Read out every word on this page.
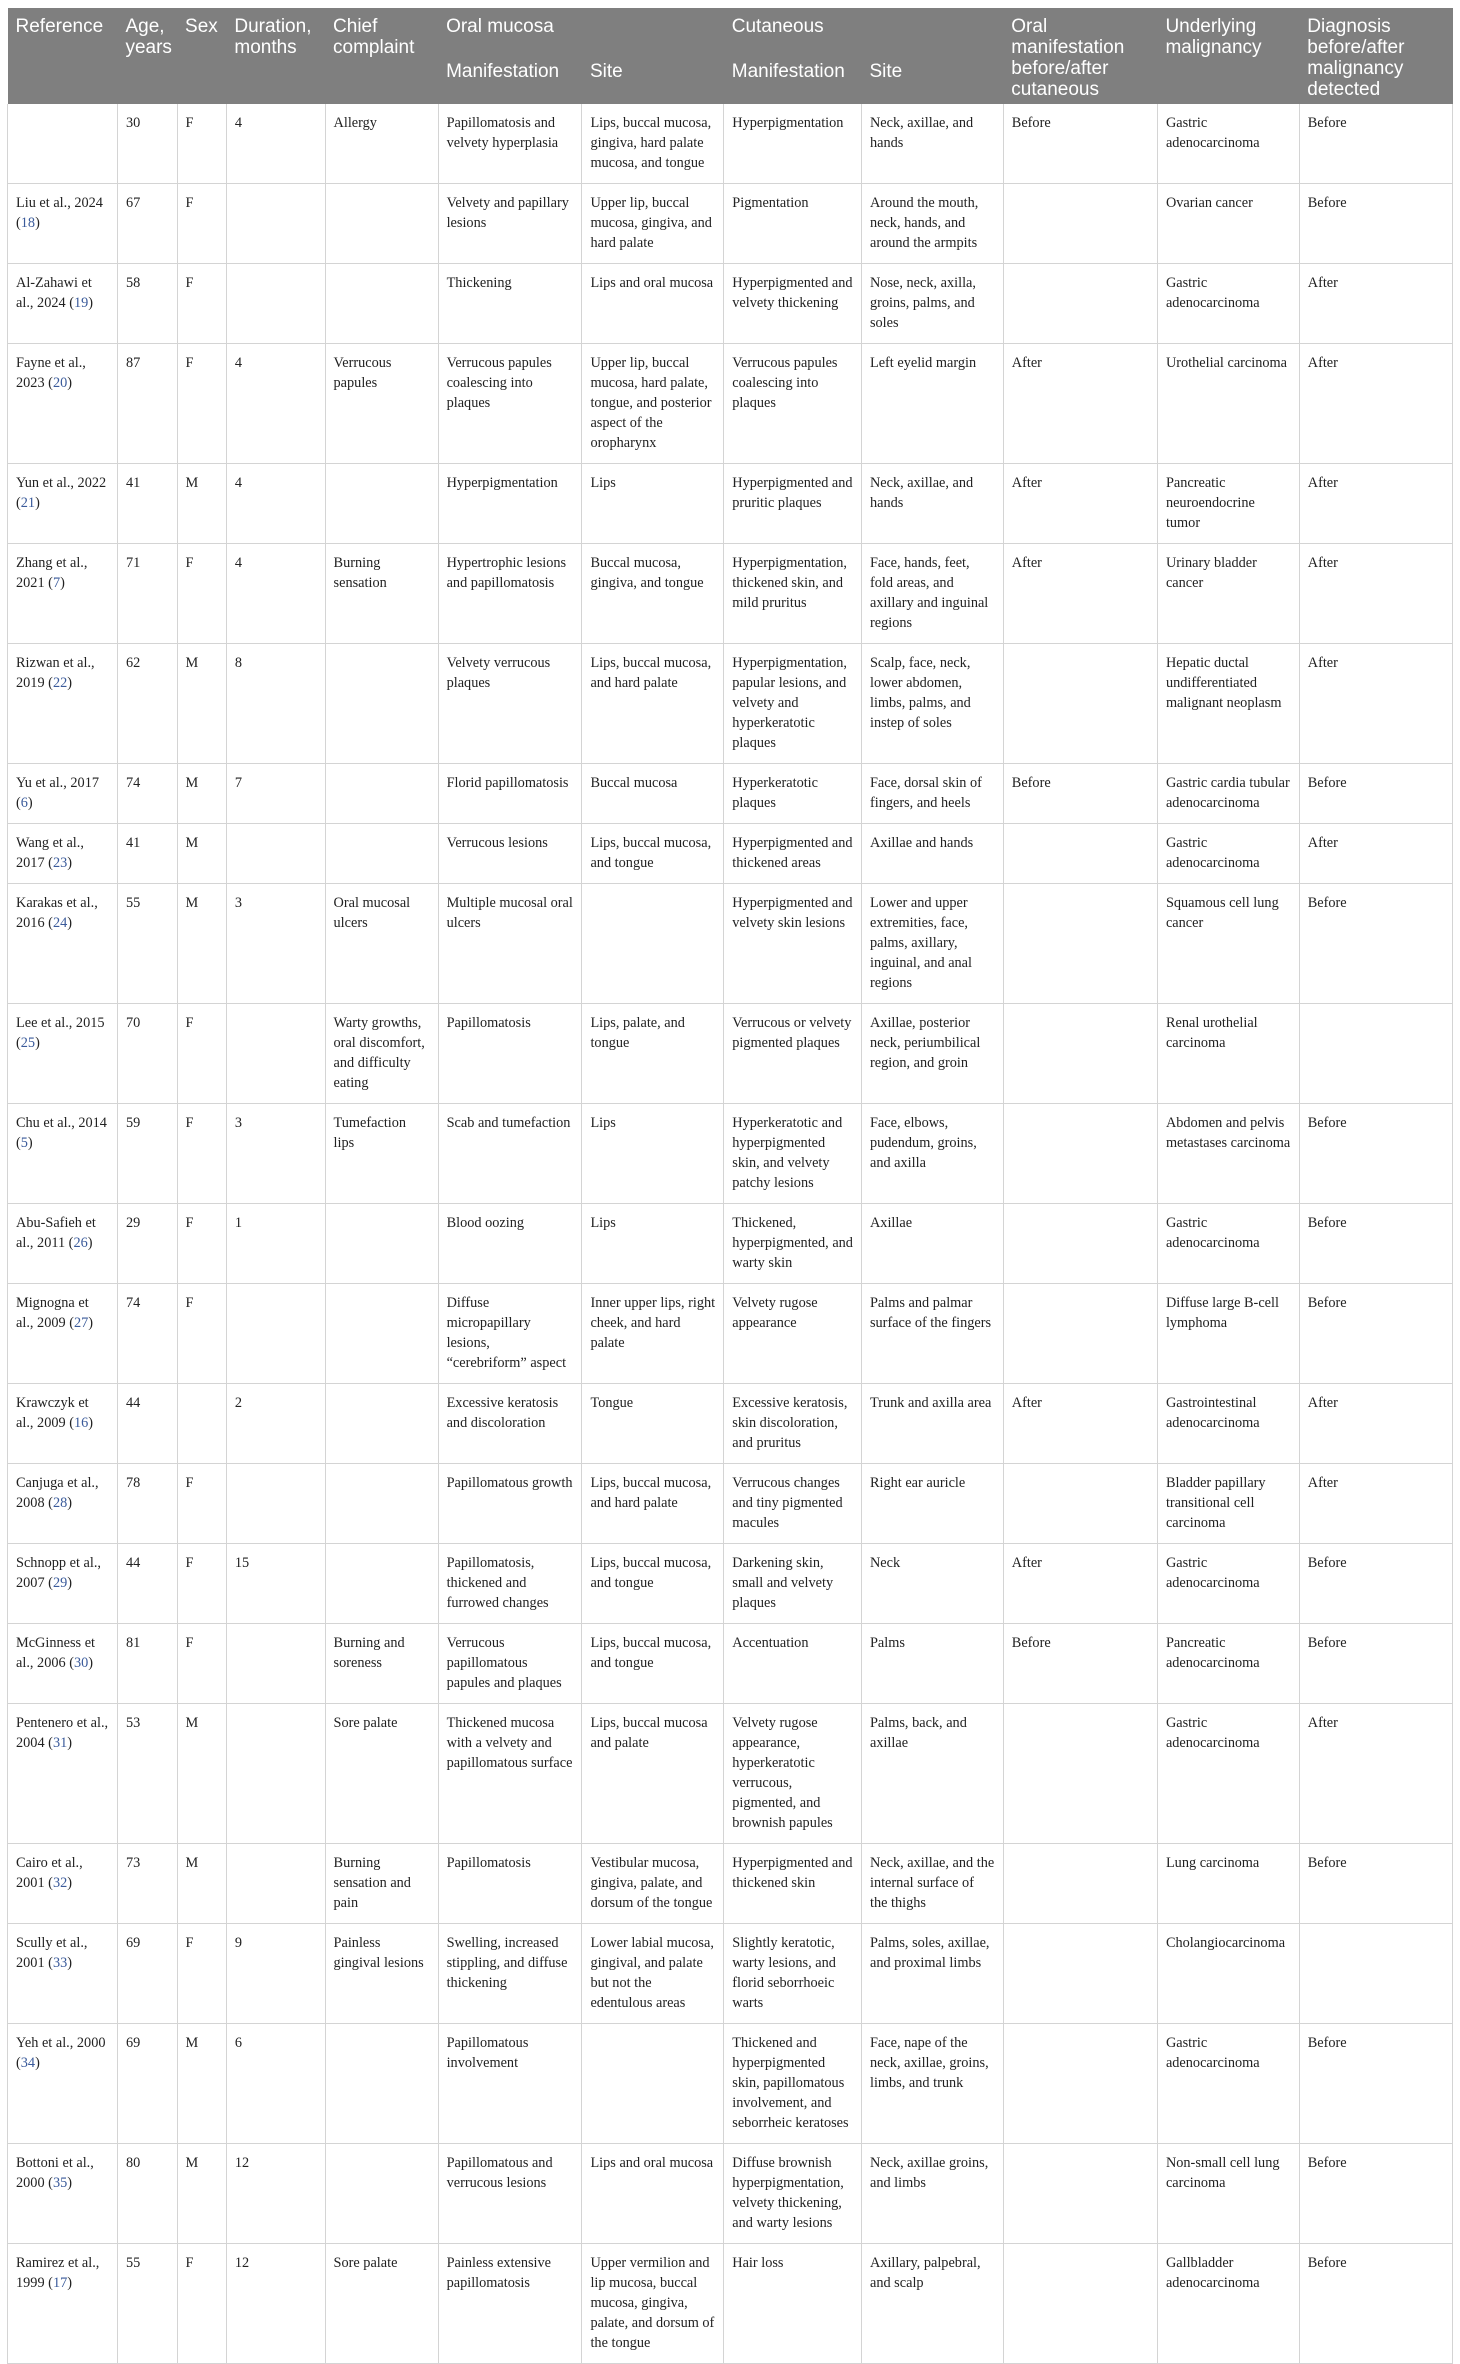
Reference	Age, years	Sex	Duration, months	Chief complaint	Oral mucosa		Cutaneous		Oral manifestation before/after cutaneous	Underlying malignancy	Diagnosis before/after malignancy detected
					Manifestation	Site	Manifestation	Site			
	30	F	4	Allergy	Papillomatosis and velvety hyperplasia	Lips, buccal mucosa, gingiva, hard palate mucosa, and tongue	Hyperpigmentation	Neck, axillae, and hands	Before	Gastric adenocarcinoma	Before
Liu et al., 2024 (18)	67	F			Velvety and papillary lesions	Upper lip, buccal mucosa, gingiva, and hard palate	Pigmentation	Around the mouth, neck, hands, and around the armpits		Ovarian cancer	Before
Al-Zahawi et al., 2024 (19)	58	F			Thickening	Lips and oral mucosa	Hyperpigmented and velvety thickening	Nose, neck, axilla, groins, palms, and soles		Gastric adenocarcinoma	After
Fayne et al., 2023 (20)	87	F	4	Verrucous papules	Verrucous papules coalescing into plaques	Upper lip, buccal mucosa, hard palate, tongue, and posterior aspect of the oropharynx	Verrucous papules coalescing into plaques	Left eyelid margin	After	Urothelial carcinoma	After
Yun et al., 2022 (21)	41	M	4		Hyperpigmentation	Lips	Hyperpigmented and pruritic plaques	Neck, axillae, and hands	After	Pancreatic neuroendocrine tumor	After
Zhang et al., 2021 (7)	71	F	4	Burning sensation	Hypertrophic lesions and papillomatosis	Buccal mucosa, gingiva, and tongue	Hyperpigmentation, thickened skin, and mild pruritus	Face, hands, feet, fold areas, and axillary and inguinal regions	After	Urinary bladder cancer	After
Rizwan et al., 2019 (22)	62	M	8		Velvety verrucous plaques	Lips, buccal mucosa, and hard palate	Hyperpigmentation, papular lesions, and velvety and hyperkeratotic plaques	Scalp, face, neck, lower abdomen, limbs, palms, and instep of soles		Hepatic ductal undifferentiated malignant neoplasm	After
Yu et al., 2017 (6)	74	M	7		Florid papillomatosis	Buccal mucosa	Hyperkeratotic plaques	Face, dorsal skin of fingers, and heels	Before	Gastric cardia tubular adenocarcinoma	Before
Wang et al., 2017 (23)	41	M			Verrucous lesions	Lips, buccal mucosa, and tongue	Hyperpigmented and thickened areas	Axillae and hands		Gastric adenocarcinoma	After
Karakas et al., 2016 (24)	55	M	3	Oral mucosal ulcers	Multiple mucosal oral ulcers		Hyperpigmented and velvety skin lesions	Lower and upper extremities, face, palms, axillary, inguinal, and anal regions		Squamous cell lung cancer	Before
Lee et al., 2015 (25)	70	F		Warty growths, oral discomfort, and difficulty eating	Papillomatosis	Lips, palate, and tongue	Verrucous or velvety pigmented plaques	Axillae, posterior neck, periumbilical region, and groin		Renal urothelial carcinoma	
Chu et al., 2014 (5)	59	F	3	Tumefaction lips	Scab and tumefaction	Lips	Hyperkeratotic and hyperpigmented skin, and velvety patchy lesions	Face, elbows, pudendum, groins, and axilla		Abdomen and pelvis metastases carcinoma	Before
Abu-Safieh et al., 2011 (26)	29	F	1		Blood oozing	Lips	Thickened, hyperpigmented, and warty skin	Axillae		Gastric adenocarcinoma	Before
Mignogna et al., 2009 (27)	74	F			Diffuse micropapillary lesions, “cerebriform” aspect	Inner upper lips, right cheek, and hard palate	Velvety rugose appearance	Palms and palmar surface of the fingers		Diffuse large B-cell lymphoma	Before
Krawczyk et al., 2009 (16)	44		2		Excessive keratosis and discoloration	Tongue	Excessive keratosis, skin discoloration, and pruritus	Trunk and axilla area	After	Gastrointestinal adenocarcinoma	After
Canjuga et al., 2008 (28)	78	F			Papillomatous growth	Lips, buccal mucosa, and hard palate	Verrucous changes and tiny pigmented macules	Right ear auricle		Bladder papillary transitional cell carcinoma	After
Schnopp et al., 2007 (29)	44	F	15		Papillomatosis, thickened and furrowed changes	Lips, buccal mucosa, and tongue	Darkening skin, small and velvety plaques	Neck	After	Gastric adenocarcinoma	Before
McGinness et al., 2006 (30)	81	F		Burning and soreness	Verrucous papillomatous papules and plaques	Lips, buccal mucosa, and tongue	Accentuation	Palms	Before	Pancreatic adenocarcinoma	Before
Pentenero et al., 2004 (31)	53	M		Sore palate	Thickened mucosa with a velvety and papillomatous surface	Lips, buccal mucosa and palate	Velvety rugose appearance, hyperkeratotic verrucous, pigmented, and brownish papules	Palms, back, and axillae		Gastric adenocarcinoma	After
Cairo et al., 2001 (32)	73	M		Burning sensation and pain	Papillomatosis	Vestibular mucosa, gingiva, palate, and dorsum of the tongue	Hyperpigmented and thickened skin	Neck, axillae, and the internal surface of the thighs		Lung carcinoma	Before
Scully et al., 2001 (33)	69	F	9	Painless gingival lesions	Swelling, increased stippling, and diffuse thickening	Lower labial mucosa, gingival, and palate but not the edentulous areas	Slightly keratotic, warty lesions, and florid seborrhoeic warts	Palms, soles, axillae, and proximal limbs		Cholangiocarcinoma	
Yeh et al., 2000 (34)	69	M	6		Papillomatous involvement		Thickened and hyperpigmented skin, papillomatous involvement, and seborrheic keratoses	Face, nape of the neck, axillae, groins, limbs, and trunk		Gastric adenocarcinoma	Before
Bottoni et al., 2000 (35)	80	M	12		Papillomatous and verrucous lesions	Lips and oral mucosa	Diffuse brownish hyperpigmentation, velvety thickening, and warty lesions	Neck, axillae groins, and limbs		Non-small cell lung carcinoma	Before
Ramirez et al., 1999 (17)	55	F	12	Sore palate	Painless extensive papillomatosis	Upper vermilion and lip mucosa, buccal mucosa, gingiva, palate, and dorsum of the tongue	Hair loss	Axillary, palpebral, and scalp		Gallbladder adenocarcinoma	Before
